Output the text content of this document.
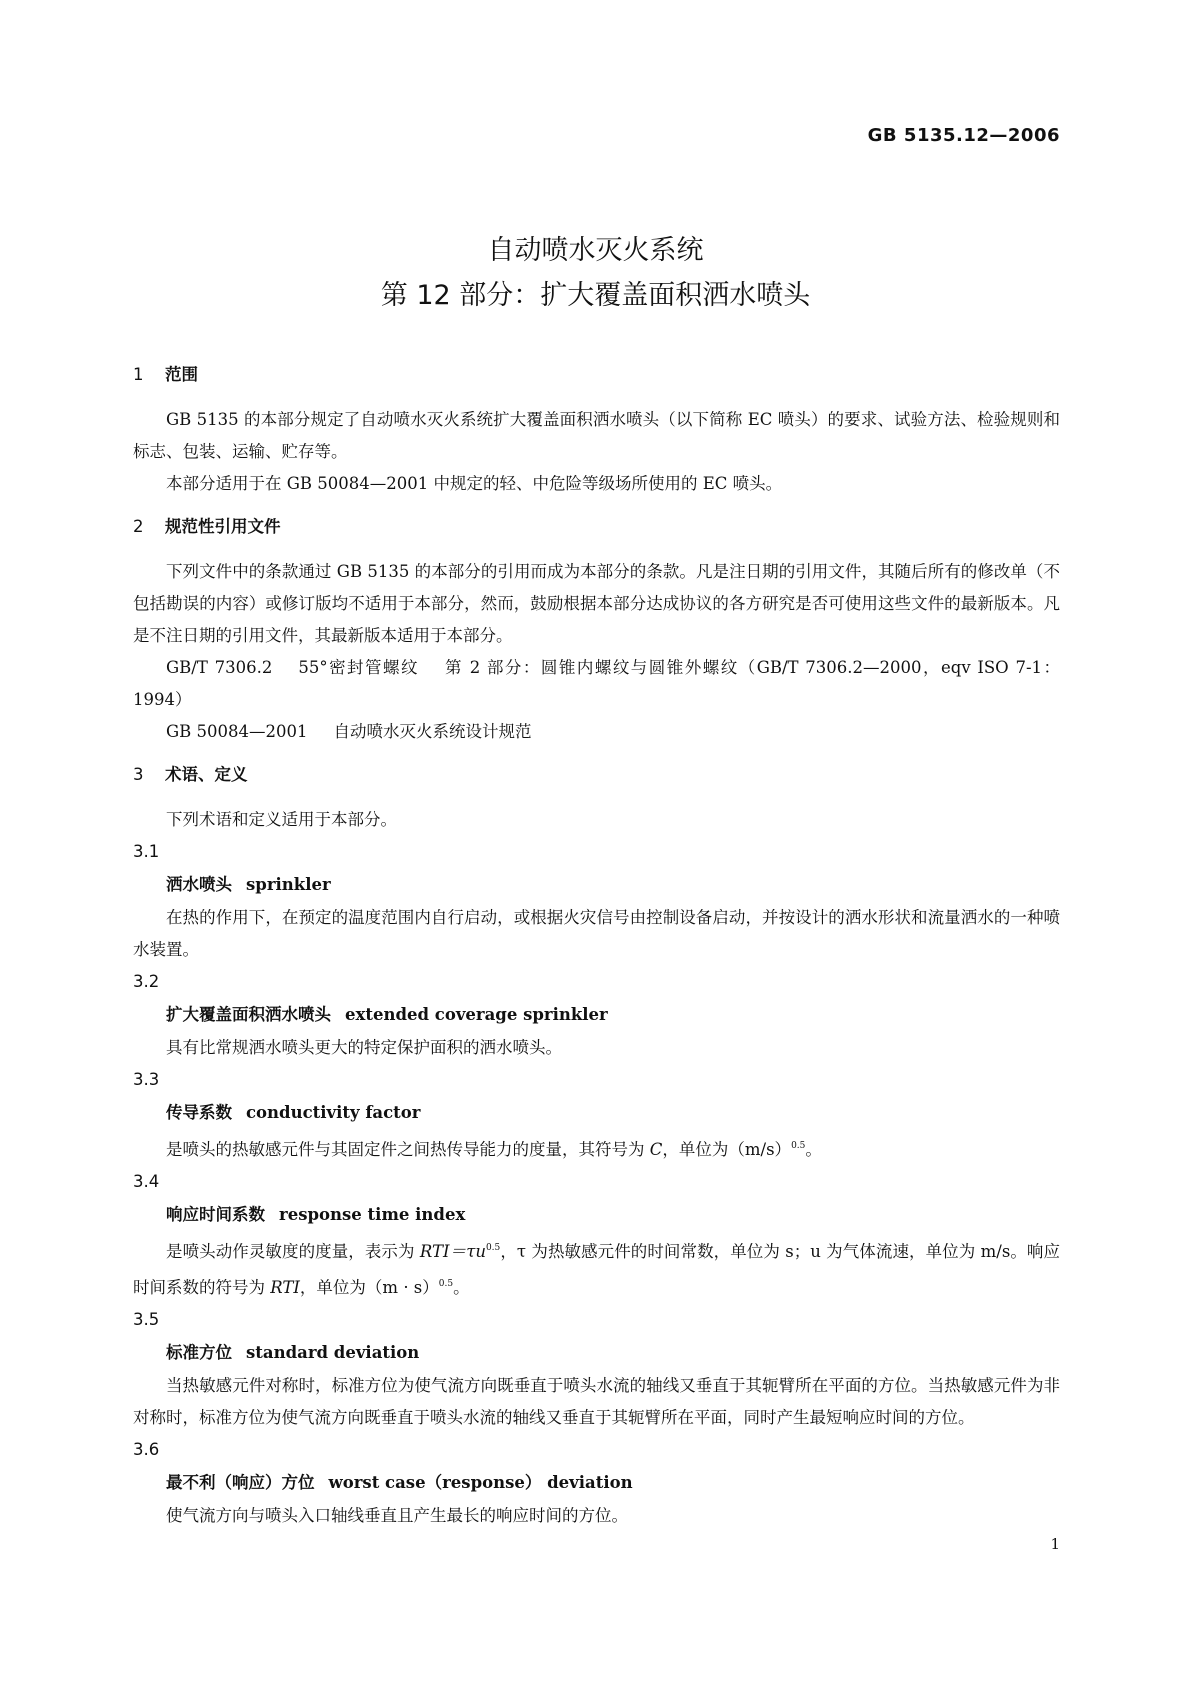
GB 5135.12—2006
自动喷水灭火系统
第 12 部分：扩大覆盖面积洒水喷头
1 范围

GB 5135 的本部分规定了自动喷水灭火系统扩大覆盖面积洒水喷头（以下简称 EC 喷头）的要求、试验方法、检验规则和标志、包装、运输、贮存等。

本部分适用于在 GB 50084—2001 中规定的轻、中危险等级场所使用的 EC 喷头。

2 规范性引用文件

下列文件中的条款通过 GB 5135 的本部分的引用而成为本部分的条款。凡是注日期的引用文件，其随后所有的修改单（不包括勘误的内容）或修订版均不适用于本部分，然而，鼓励根据本部分达成协议的各方研究是否可使用这些文件的最新版本。凡是不注日期的引用文件，其最新版本适用于本部分。

GB/T 7306.2 55°密封管螺纹 第 2 部分：圆锥内螺纹与圆锥外螺纹（GB/T 7306.2—2000，eqv ISO 7-1：1994）

GB 50084—2001 自动喷水灭火系统设计规范

3 术语、定义

下列术语和定义适用于本部分。

3.1
洒水喷头 sprinkler

在热的作用下，在预定的温度范围内自行启动，或根据火灾信号由控制设备启动，并按设计的洒水形状和流量洒水的一种喷水装置。

3.2
扩大覆盖面积洒水喷头 extended coverage sprinkler

具有比常规洒水喷头更大的特定保护面积的洒水喷头。

3.3
传导系数 conductivity factor

是喷头的热敏感元件与其固定件之间热传导能力的度量，其符号为 C，单位为$(m/s)^{0.5}$。

3.4
响应时间系数 response time index

是喷头动作灵敏度的度量，表示为 $RTI=\tau u^{0.5}$，τ 为热敏感元件的时间常数，单位为 s；u 为气体流速，单位为 m/s。响应时间系数的符号为 RTI，单位为$(m \cdot s)^{0.5}$。

3.5
标准方位 standard deviation

当热敏感元件对称时，标准方位为使气流方向既垂直于喷头水流的轴线又垂直于其轭臂所在平面的方位。当热敏感元件为非对称时，标准方位为使气流方向既垂直于喷头水流的轴线又垂直于其轭臂所在平面，同时产生最短响应时间的方位。

3.6
最不利（响应）方位 worst case（response） deviation

使气流方向与喷头入口轴线垂直且产生最长的响应时间的方位。

1
